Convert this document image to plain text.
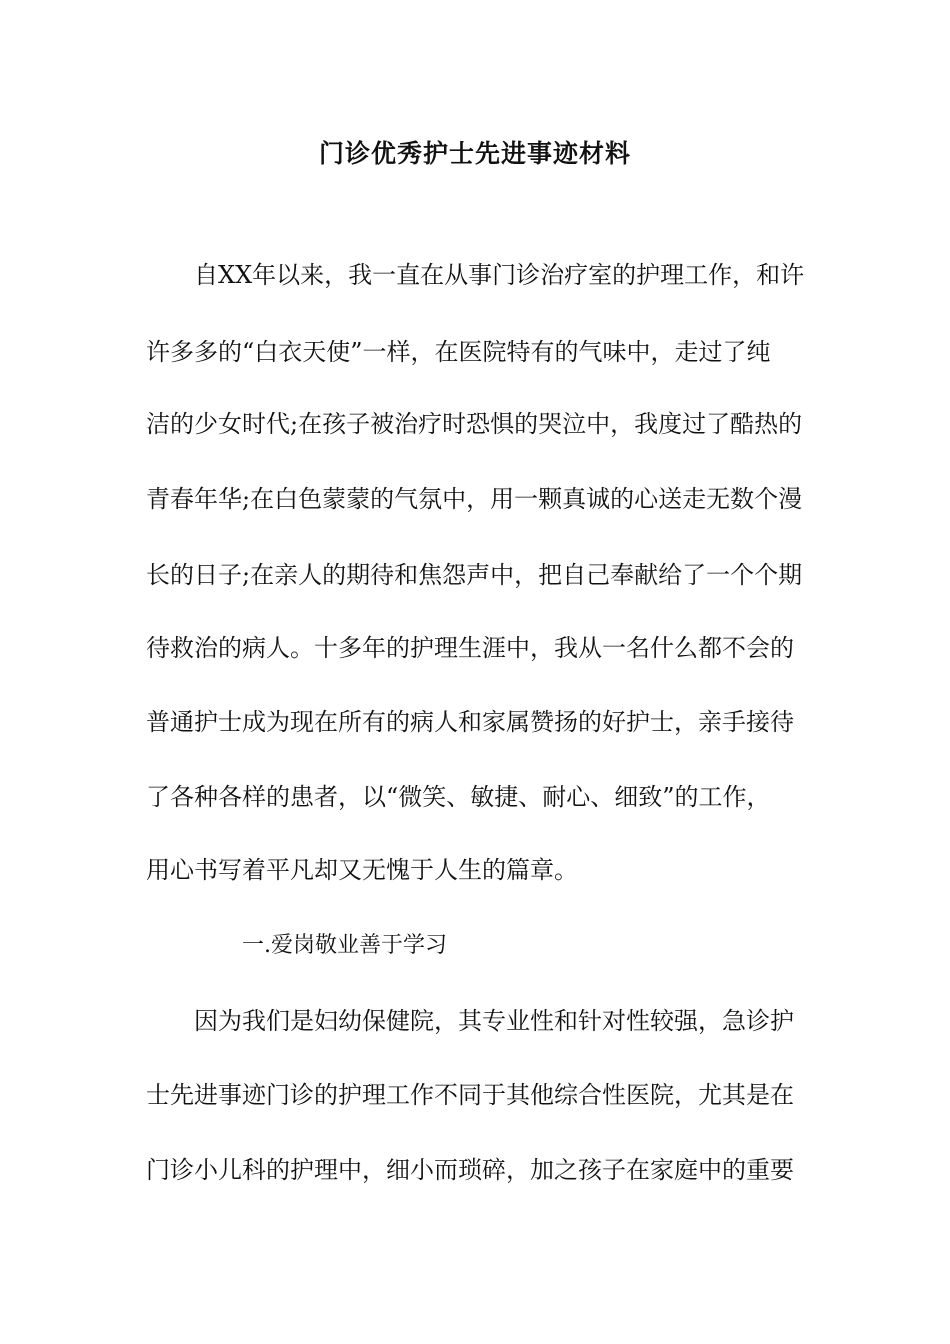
门诊优秀护士先进事迹材料
自XX年以来，我一直在从事门诊治疗室的护理工作，和许
许多多的“白衣天使”一样，在医院特有的气味中，走过了纯
洁的少女时代;在孩子被治疗时恐惧的哭泣中，我度过了酷热的
青春年华;在白色蒙蒙的气氛中，用一颗真诚的心送走无数个漫
长的日子;在亲人的期待和焦怨声中，把自己奉献给了一个个期
待救治的病人。十多年的护理生涯中，我从一名什么都不会的
普通护士成为现在所有的病人和家属赞扬的好护士，亲手接待
了各种各样的患者，以“微笑、敏捷、耐心、细致”的工作，
用心书写着平凡却又无愧于人生的篇章。
一.爱岗敬业善于学习
因为我们是妇幼保健院，其专业性和针对性较强，急诊护
士先进事迹门诊的护理工作不同于其他综合性医院，尤其是在
门诊小儿科的护理中，细小而琐碎，加之孩子在家庭中的重要
